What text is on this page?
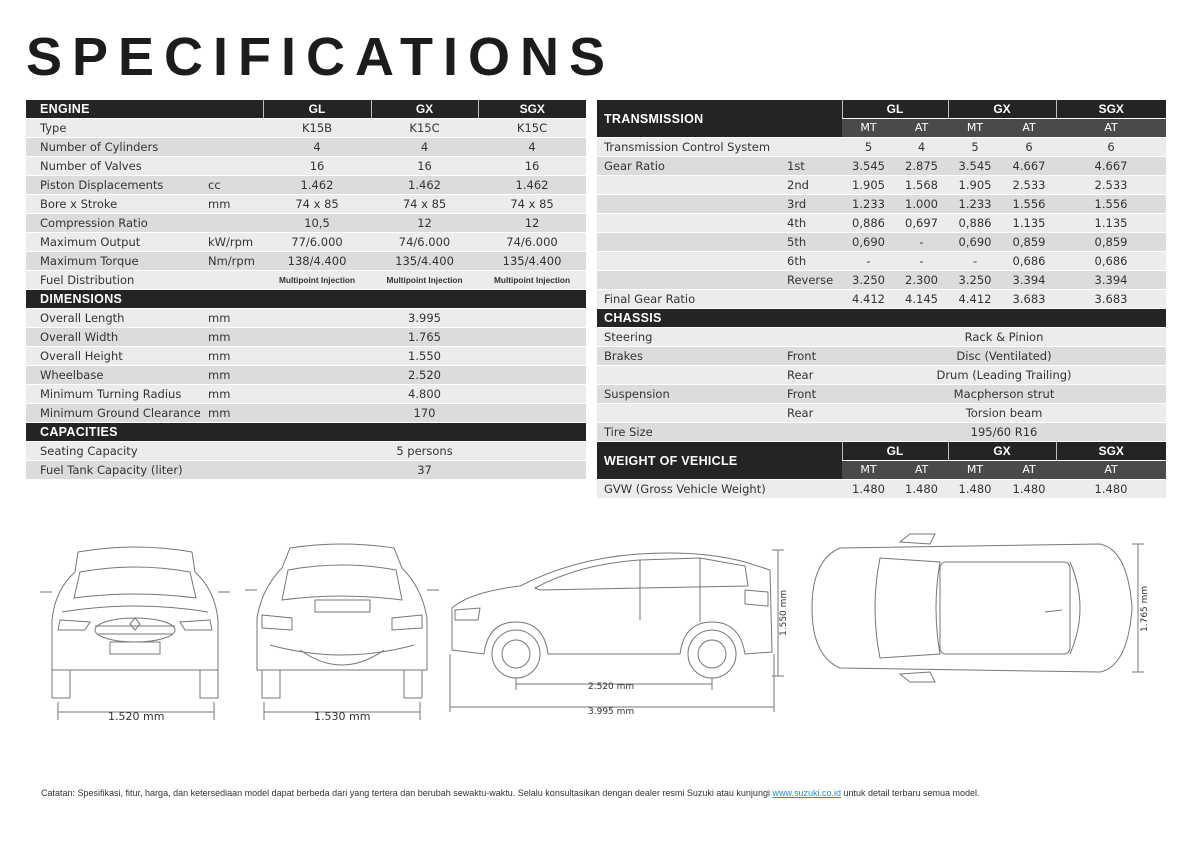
SPECIFICATIONS
ENGINE		GL	GX	SGX
Type		K15B	K15C	K15C
Number of Cylinders		4	4	4
Number of Valves		16	16	16
Piston Displacements	cc	1.462	1.462	1.462
Bore x Stroke	mm	74 x 85	74 x 85	74 x 85
Compression Ratio		10,5	12	12
Maximum Output	kW/rpm	77/6.000	74/6.000	74/6.000
Maximum Torque	Nm/rpm	138/4.400	135/4.400	135/4.400
Fuel Distribution		Multipoint Injection	Multipoint Injection	Multipoint Injection
DIMENSIONS				
Overall Length	mm	3.995		
Overall Width	mm	1.765		
Overall Height	mm	1.550		
Wheelbase	mm	2.520		
Minimum Turning Radius	mm	4.800		
Minimum Ground Clearance	mm	170		
CAPACITIES				
Seating Capacity		5 persons		
Fuel Tank Capacity (liter)		37		
TRANSMISSION		GL		GX		SGX
		MT	AT	MT	AT	AT
Transmission Control System		5	4	5	6	6
Gear Ratio	1st	3.545	2.875	3.545	4.667	4.667
	2nd	1.905	1.568	1.905	2.533	2.533
	3rd	1.233	1.000	1.233	1.556	1.556
	4th	0,886	0,697	0,886	1.135	1.135
	5th	0,690	-	0,690	0,859	0,859
	6th	-	-	-	0,686	0,686
	Reverse	3.250	2.300	3.250	3.394	3.394
Final Gear Ratio		4.412	4.145	4.412	3.683	3.683
CHASSIS						
Steering		Rack & Pinion				
Brakes	Front	Disc (Ventilated)				
	Rear	Drum (Leading Trailing)				
Suspension	Front	Macpherson strut				
	Rear	Torsion beam				
Tire Size		195/60 R16				
WEIGHT OF VEHICLE		GL		GX		SGX
		MT	AT	MT	AT	AT
GVW (Gross Vehicle Weight)		1.480	1.480	1.480	1.480	1.480
1.520 mm	1.530 mm
2.520 mm
3.995 mm
1.550 mm	1.765 mm
Catatan: Spesifikasi, fitur, harga, dan ketersediaan model dapat berbeda dari yang tertera dan berubah sewaktu-waktu. Selalu konsultasikan dengan dealer resmi Suzuki atau kunjungi www.suzuki.co.id untuk detail terbaru semua model.
